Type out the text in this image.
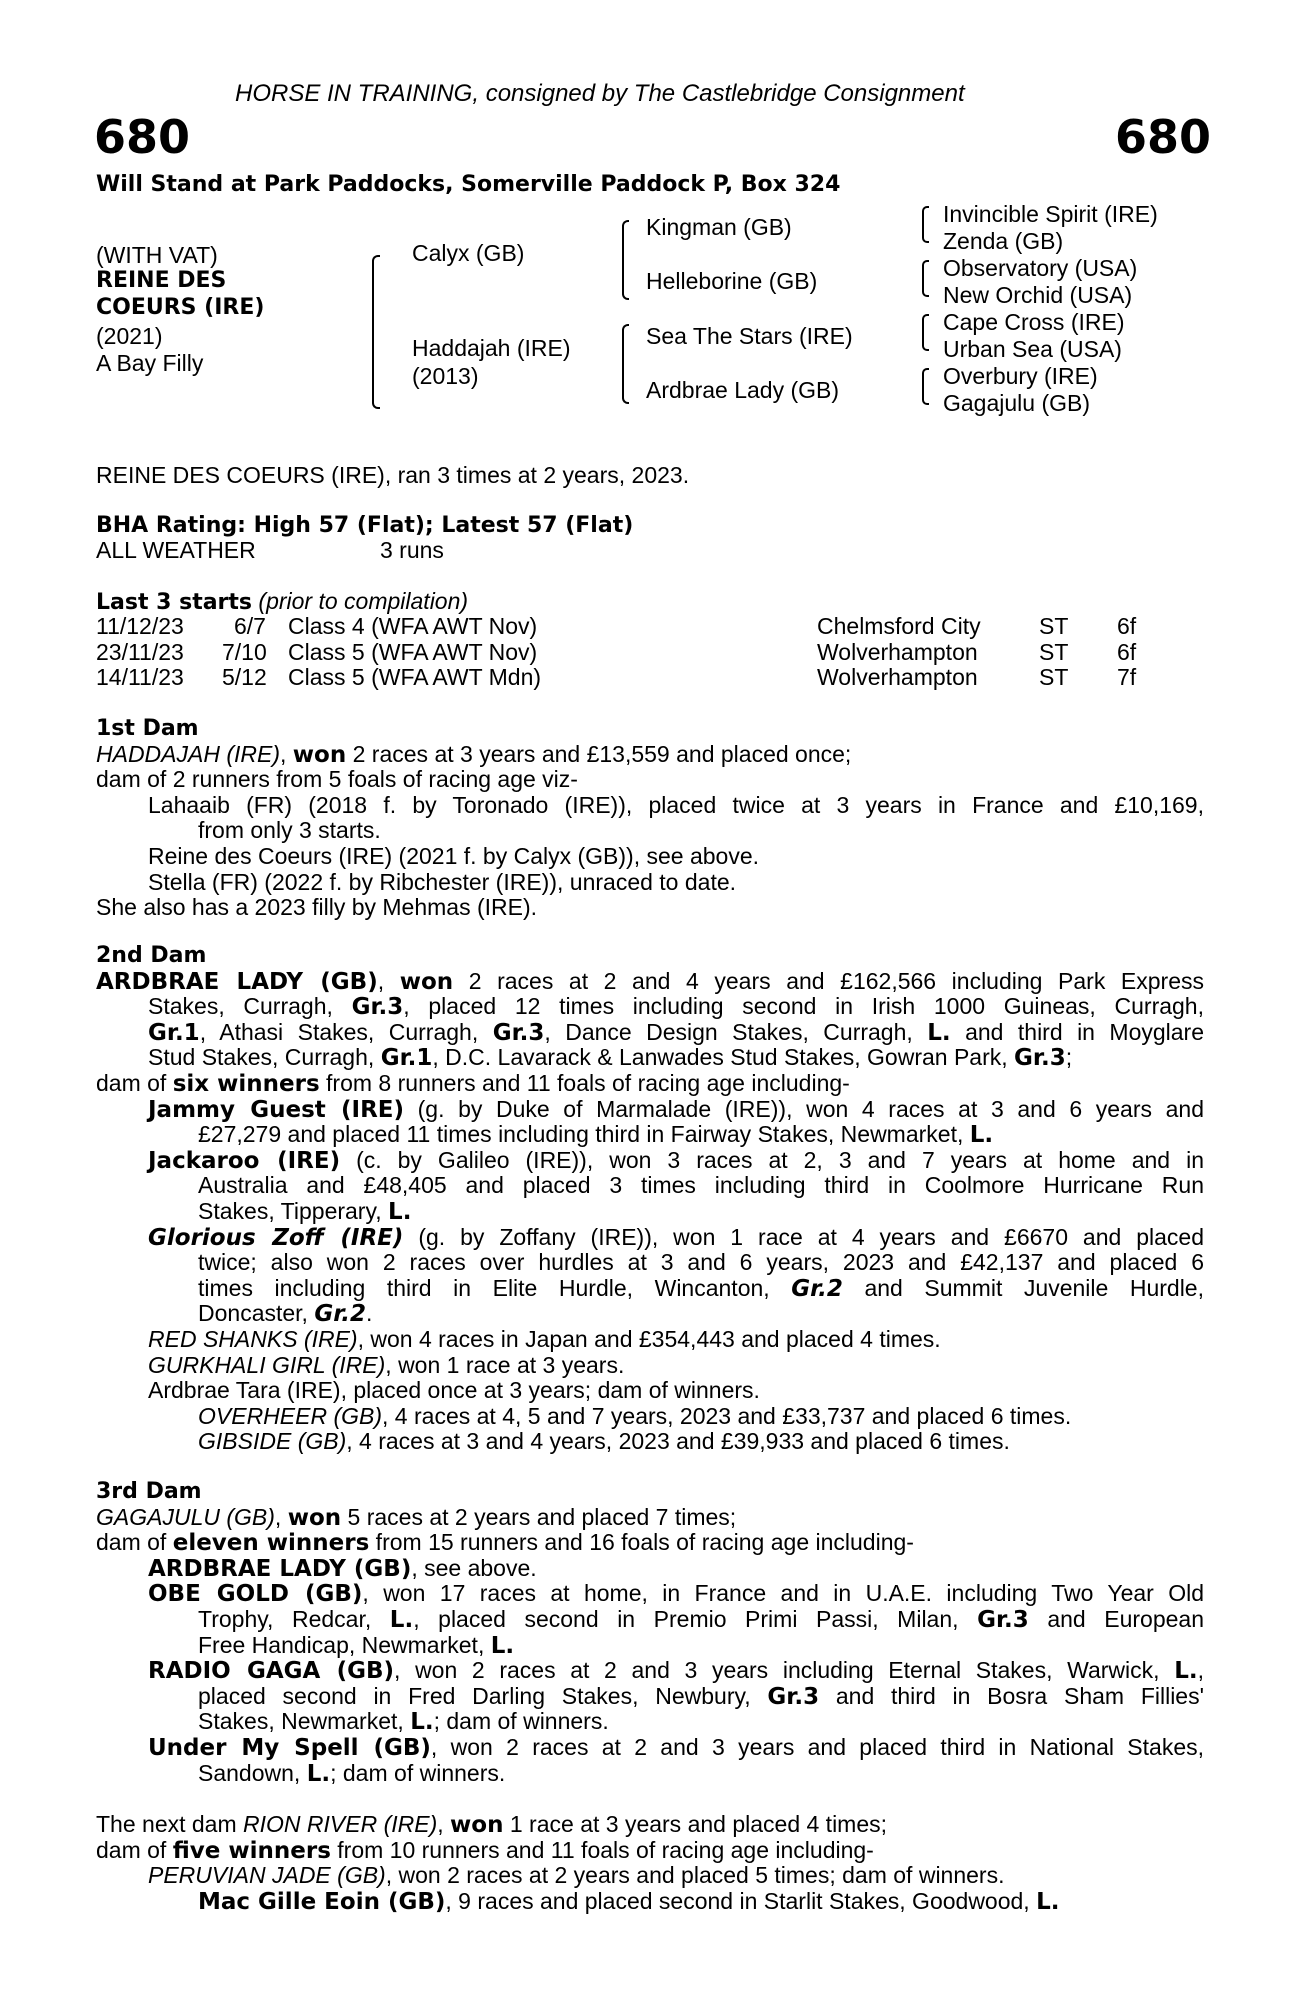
HORSE IN TRAINING, consigned by The Castlebridge Consignment
680	680
Will Stand at Park Paddocks, Somerville Paddock P, Box 324
(WITH VAT)
REINE DES
COEURS (IRE)
(2021)
A Bay Filly
Calyx (GB)
Haddajah (IRE)
(2013)
Kingman (GB)
Helleborine (GB)
Sea The Stars (IRE)
Ardbrae Lady (GB)
Invincible Spirit (IRE)
Zenda (GB)
Observatory (USA)
New Orchid (USA)
Cape Cross (IRE)
Urban Sea (USA)
Overbury (IRE)
Gagajulu (GB)
REINE DES COEURS (IRE), ran 3 times at 2 years, 2023.
BHA Rating: High 57 (Flat); Latest 57 (Flat)
ALL WEATHER	3 runs
Last 3 starts (prior to compilation)
11/12/23 6/7 Class 4 (WFA AWT Nov)	Chelmsford City	ST 6f
23/11/23 7/10 Class 5 (WFA AWT Nov)	Wolverhampton	ST 6f
14/11/23 5/12 Class 5 (WFA AWT Mdn)	Wolverhampton	ST 7f
1st Dam
HADDAJAH (IRE), won 2 races at 3 years and £13,559 and placed once;
dam of 2 runners from 5 foals of racing age viz-
Lahaaib (FR) (2018 f. by Toronado (IRE)), placed twice at 3 years in France and £10,169,
from only 3 starts.
Reine des Coeurs (IRE) (2021 f. by Calyx (GB)), see above.
Stella (FR) (2022 f. by Ribchester (IRE)), unraced to date.
She also has a 2023 filly by Mehmas (IRE).
2nd Dam
ARDBRAE LADY (GB), won 2 races at 2 and 4 years and £162,566 including Park Express
Stakes, Curragh, Gr.3, placed 12 times including second in Irish 1000 Guineas, Curragh,
Gr.1, Athasi Stakes, Curragh, Gr.3, Dance Design Stakes, Curragh, L. and third in Moyglare
Stud Stakes, Curragh, Gr.1, D.C. Lavarack & Lanwades Stud Stakes, Gowran Park, Gr.3;
dam of six winners from 8 runners and 11 foals of racing age including-
Jammy Guest (IRE) (g. by Duke of Marmalade (IRE)), won 4 races at 3 and 6 years and
£27,279 and placed 11 times including third in Fairway Stakes, Newmarket, L.
Jackaroo (IRE) (c. by Galileo (IRE)), won 3 races at 2, 3 and 7 years at home and in
Australia and £48,405 and placed 3 times including third in Coolmore Hurricane Run
Stakes, Tipperary, L.
Glorious Zoff (IRE) (g. by Zoffany (IRE)), won 1 race at 4 years and £6670 and placed
twice; also won 2 races over hurdles at 3 and 6 years, 2023 and £42,137 and placed 6
times including third in Elite Hurdle, Wincanton, Gr.2 and Summit Juvenile Hurdle,
Doncaster, Gr.2.
RED SHANKS (IRE), won 4 races in Japan and £354,443 and placed 4 times.
GURKHALI GIRL (IRE), won 1 race at 3 years.
Ardbrae Tara (IRE), placed once at 3 years; dam of winners.
OVERHEER (GB), 4 races at 4, 5 and 7 years, 2023 and £33,737 and placed 6 times.
GIBSIDE (GB), 4 races at 3 and 4 years, 2023 and £39,933 and placed 6 times.
3rd Dam
GAGAJULU (GB), won 5 races at 2 years and placed 7 times;
dam of eleven winners from 15 runners and 16 foals of racing age including-
ARDBRAE LADY (GB), see above.
OBE GOLD (GB), won 17 races at home, in France and in U.A.E. including Two Year Old
Trophy, Redcar, L., placed second in Premio Primi Passi, Milan, Gr.3 and European
Free Handicap, Newmarket, L.
RADIO GAGA (GB), won 2 races at 2 and 3 years including Eternal Stakes, Warwick, L.,
placed second in Fred Darling Stakes, Newbury, Gr.3 and third in Bosra Sham Fillies'
Stakes, Newmarket, L.; dam of winners.
Under My Spell (GB), won 2 races at 2 and 3 years and placed third in National Stakes,
Sandown, L.; dam of winners.
The next dam RION RIVER (IRE), won 1 race at 3 years and placed 4 times;
dam of five winners from 10 runners and 11 foals of racing age including-
PERUVIAN JADE (GB), won 2 races at 2 years and placed 5 times; dam of winners.
Mac Gille Eoin (GB), 9 races and placed second in Starlit Stakes, Goodwood, L.
